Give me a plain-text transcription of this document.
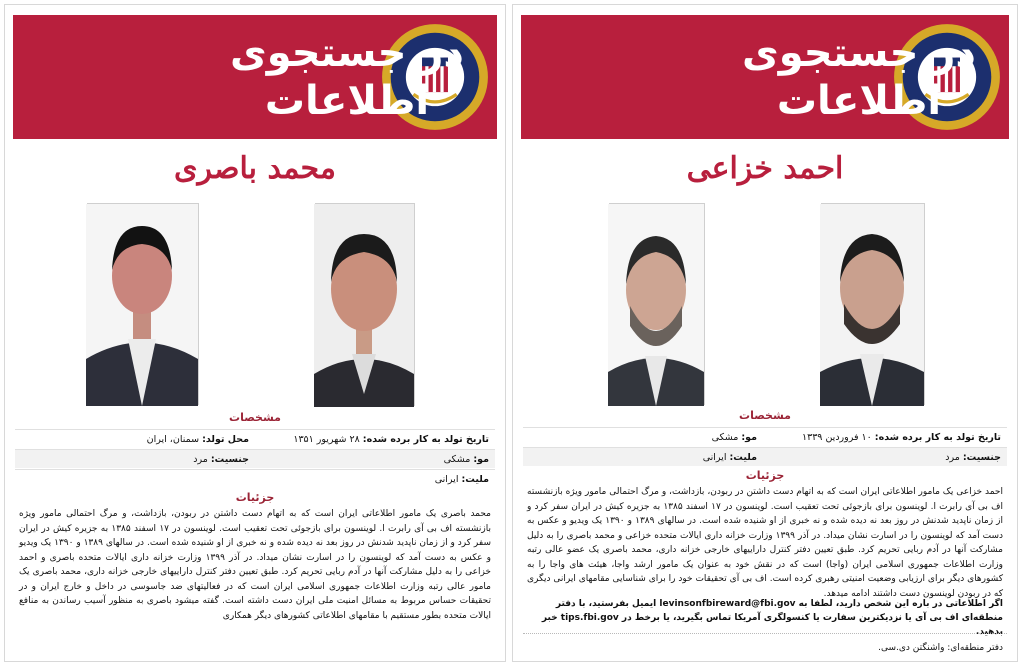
در جستجوی
اطلاعات
محمد باصری
مشخصات
تاریخ تولد به کار برده شده: ۲۸ شهریور ۱۳۵۱
محل تولد: سمنان، ایران
مو: مشکی
جنسیت: مرد
ملیت: ایرانی
جزئیات
محمد باصری یک مامور اطلاعاتی ایران است که به اتهام دست داشتن در ربودن، بازداشت، و مرگ احتمالی مامور ویژه بازنشسته اف بی آی رابرت ا. لوینسون برای بازجوئی تحت تعقیب است. لوینسون در ۱۷ اسفند ۱۳۸۵ به جزیره کیش در ایران سفر کرد و از زمان ناپدید شدنش در روز بعد نه دیده شده و نه خبری از او شنیده شده است. در سالهای ۱۳۸۹ و ۱۳۹۰ یک ویدیو و عکس به دست آمد که لوینسون را در اسارت نشان میداد. در آذر ۱۳۹۹ وزارت خزانه داری ایالات متحده باصری و احمد خزاعی را به دلیل مشارکت آنها در آدم ربایی تحریم کرد. طبق تعیین دفتر کنترل داراییهای خارجی خزانه داری، محمد باصری یک مامور عالی رتبه وزارت اطلاعات جمهوری اسلامی ایران است که در فعالیتهای ضد جاسوسی در داخل و خارج ایران و در تحقیقات حساس مربوط به مسائل امنیت ملی ایران دست داشته است. گفته میشود باصری به منظور آسیب رساندن به منافع ایالات متحده بطور مستقیم با مقامهای اطلاعاتی کشورهای دیگر همکاری
در جستجوی
اطلاعات
احمد خزاعی
مشخصات
تاریخ تولد به کار برده شده: ۱۰ فروردین ۱۳۳۹
مو: مشکی
جنسیت: مرد
ملیت: ایرانی
جزئیات
احمد خزاعی یک مامور اطلاعاتی ایران است که به اتهام دست داشتن در ربودن، بازداشت، و مرگ احتمالی مامور ویژه بازنشسته اف بی آی رابرت ا. لوینسون برای بازجوئی تحت تعقیب است. لوینسون در ۱۷ اسفند ۱۳۸۵ به جزیره کیش در ایران سفر کرد و از زمان ناپدید شدنش در روز بعد نه دیده شده و نه خبری از او شنیده شده است. در سالهای ۱۳۸۹ و ۱۳۹۰ یک ویدیو و عکس به دست آمد که لوینسون را در اسارت نشان میداد. در آذر ۱۳۹۹ وزارت خزانه داری ایالات متحده خزاعی و محمد باصری را به دلیل مشارکت آنها در آدم ربایی تحریم کرد. طبق تعیین دفتر کنترل داراییهای خارجی خزانه داری، محمد باصری یک عضو عالی رتبه وزارت اطلاعات جمهوری اسلامی ایران (واجا) است که در نقش خود به عنوان یک مامور ارشد واجا، هیئت های واجا را به کشورهای دیگر برای ارزیابی وضعیت امنیتی رهبری کرده است. اف بی آی تحقیقات خود را برای شناسایی مقامهای ایرانی دیگری که در ربودن لوینسون دست داشتند ادامه میدهد.
اگر اطلاعاتی در باره این شخص دارید، لطفا به levinsonfbireward@fbi.gov ایمیل بفرستید، با دفتر منطقه‌ای اف بی آی یا نزدیکترین سفارت یا کنسولگری آمریکا تماس بگیرید، یا برخط در tips.fbi.gov خبر بدهید.
دفتر منطقه‌ای: واشنگتن دی.سی.
